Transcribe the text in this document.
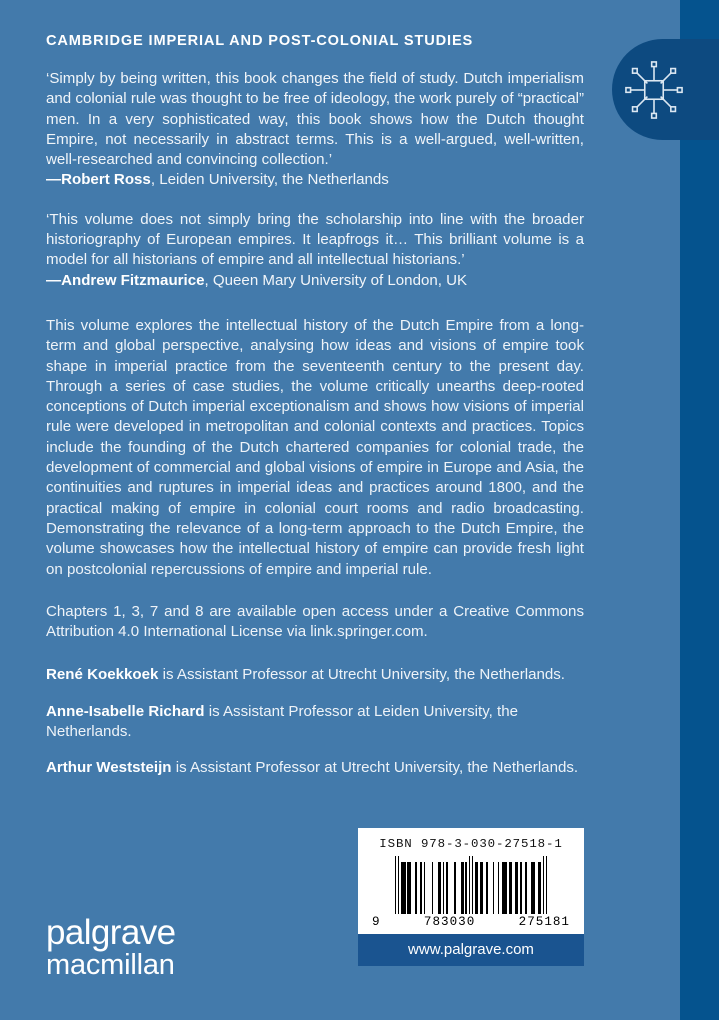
CAMBRIDGE IMPERIAL AND POST-COLONIAL STUDIES
‘Simply by being written, this book changes the field of study. Dutch imperialism and colonial rule was thought to be free of ideology, the work purely of “practical” men. In a very sophisticated way, this book shows how the Dutch thought Empire, not necessarily in abstract terms. This is a well-argued, well-written, well-researched and convincing collection.’
—Robert Ross, Leiden University, the Netherlands
‘This volume does not simply bring the scholarship into line with the broader historiography of European empires. It leapfrogs it… This brilliant volume is a model for all historians of empire and all intellectual historians.’
—Andrew Fitzmaurice, Queen Mary University of London, UK
This volume explores the intellectual history of the Dutch Empire from a long-term and global perspective, analysing how ideas and visions of empire took shape in imperial practice from the seventeenth century to the present day. Through a series of case studies, the volume critically unearths deep-rooted conceptions of Dutch imperial exceptionalism and shows how visions of imperial rule were developed in metropolitan and colonial contexts and practices. Topics include the founding of the Dutch chartered companies for colonial trade, the development of commercial and global visions of empire in Europe and Asia, the continuities and ruptures in imperial ideas and practices around 1800, and the practical making of empire in colonial court rooms and radio broadcasting. Demonstrating the relevance of a long-term approach to the Dutch Empire, the volume showcases how the intellectual history of empire can provide fresh light on postcolonial repercussions of empire and imperial rule.
Chapters 1, 3, 7 and 8 are available open access under a Creative Commons Attribution 4.0 International License via link.springer.com.
René Koekkoek is Assistant Professor at Utrecht University, the Netherlands.
Anne-Isabelle Richard is Assistant Professor at Leiden University, the Netherlands.
Arthur Weststeijn is Assistant Professor at Utrecht University, the Netherlands.
ISBN 978-3-030-27518-1
9	783030	275181
www.palgrave.com
palgrave
macmillan
